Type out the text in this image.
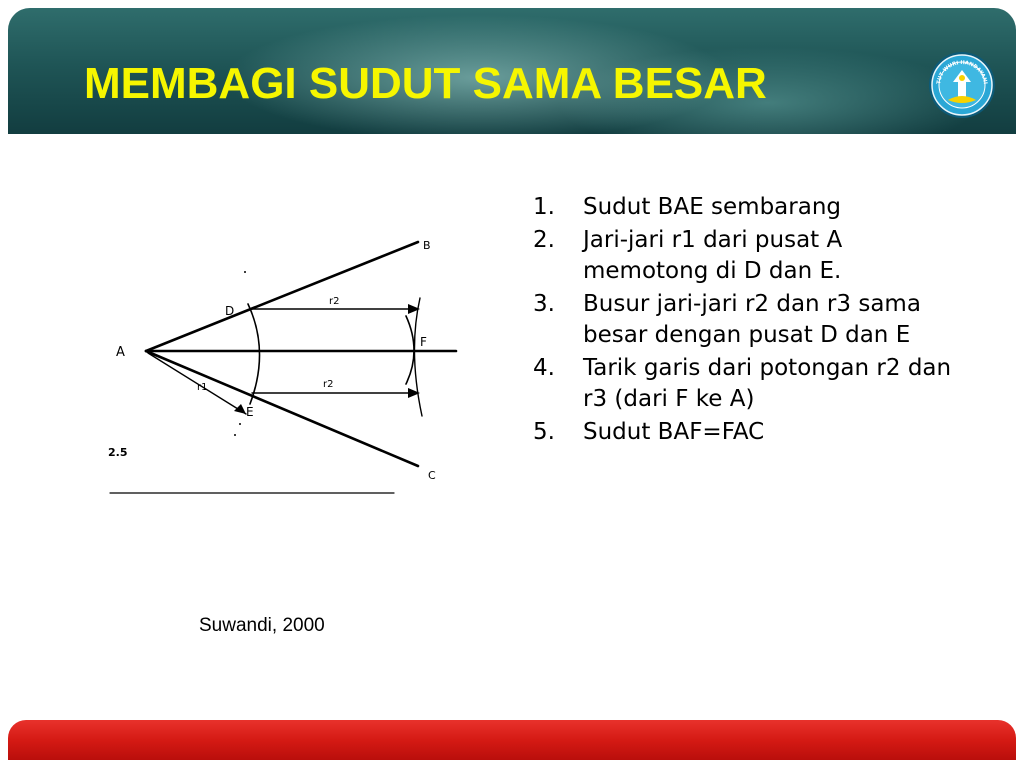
MEMBAGI SUDUT SAMA BESAR	TUT WURI HANDAYANI
A
B
C
D
E
F
r1
r2
r2
2.5
1. Sudut BAE sembarang
2. Jari-jari r1 dari pusat A memotong di D dan E.
3. Busur jari-jari r2 dan r3 sama besar dengan pusat D dan E
4. Tarik garis dari potongan r2 dan r3 (dari F ke A)
5. Sudut BAF=FAC
Suwandi, 2000
